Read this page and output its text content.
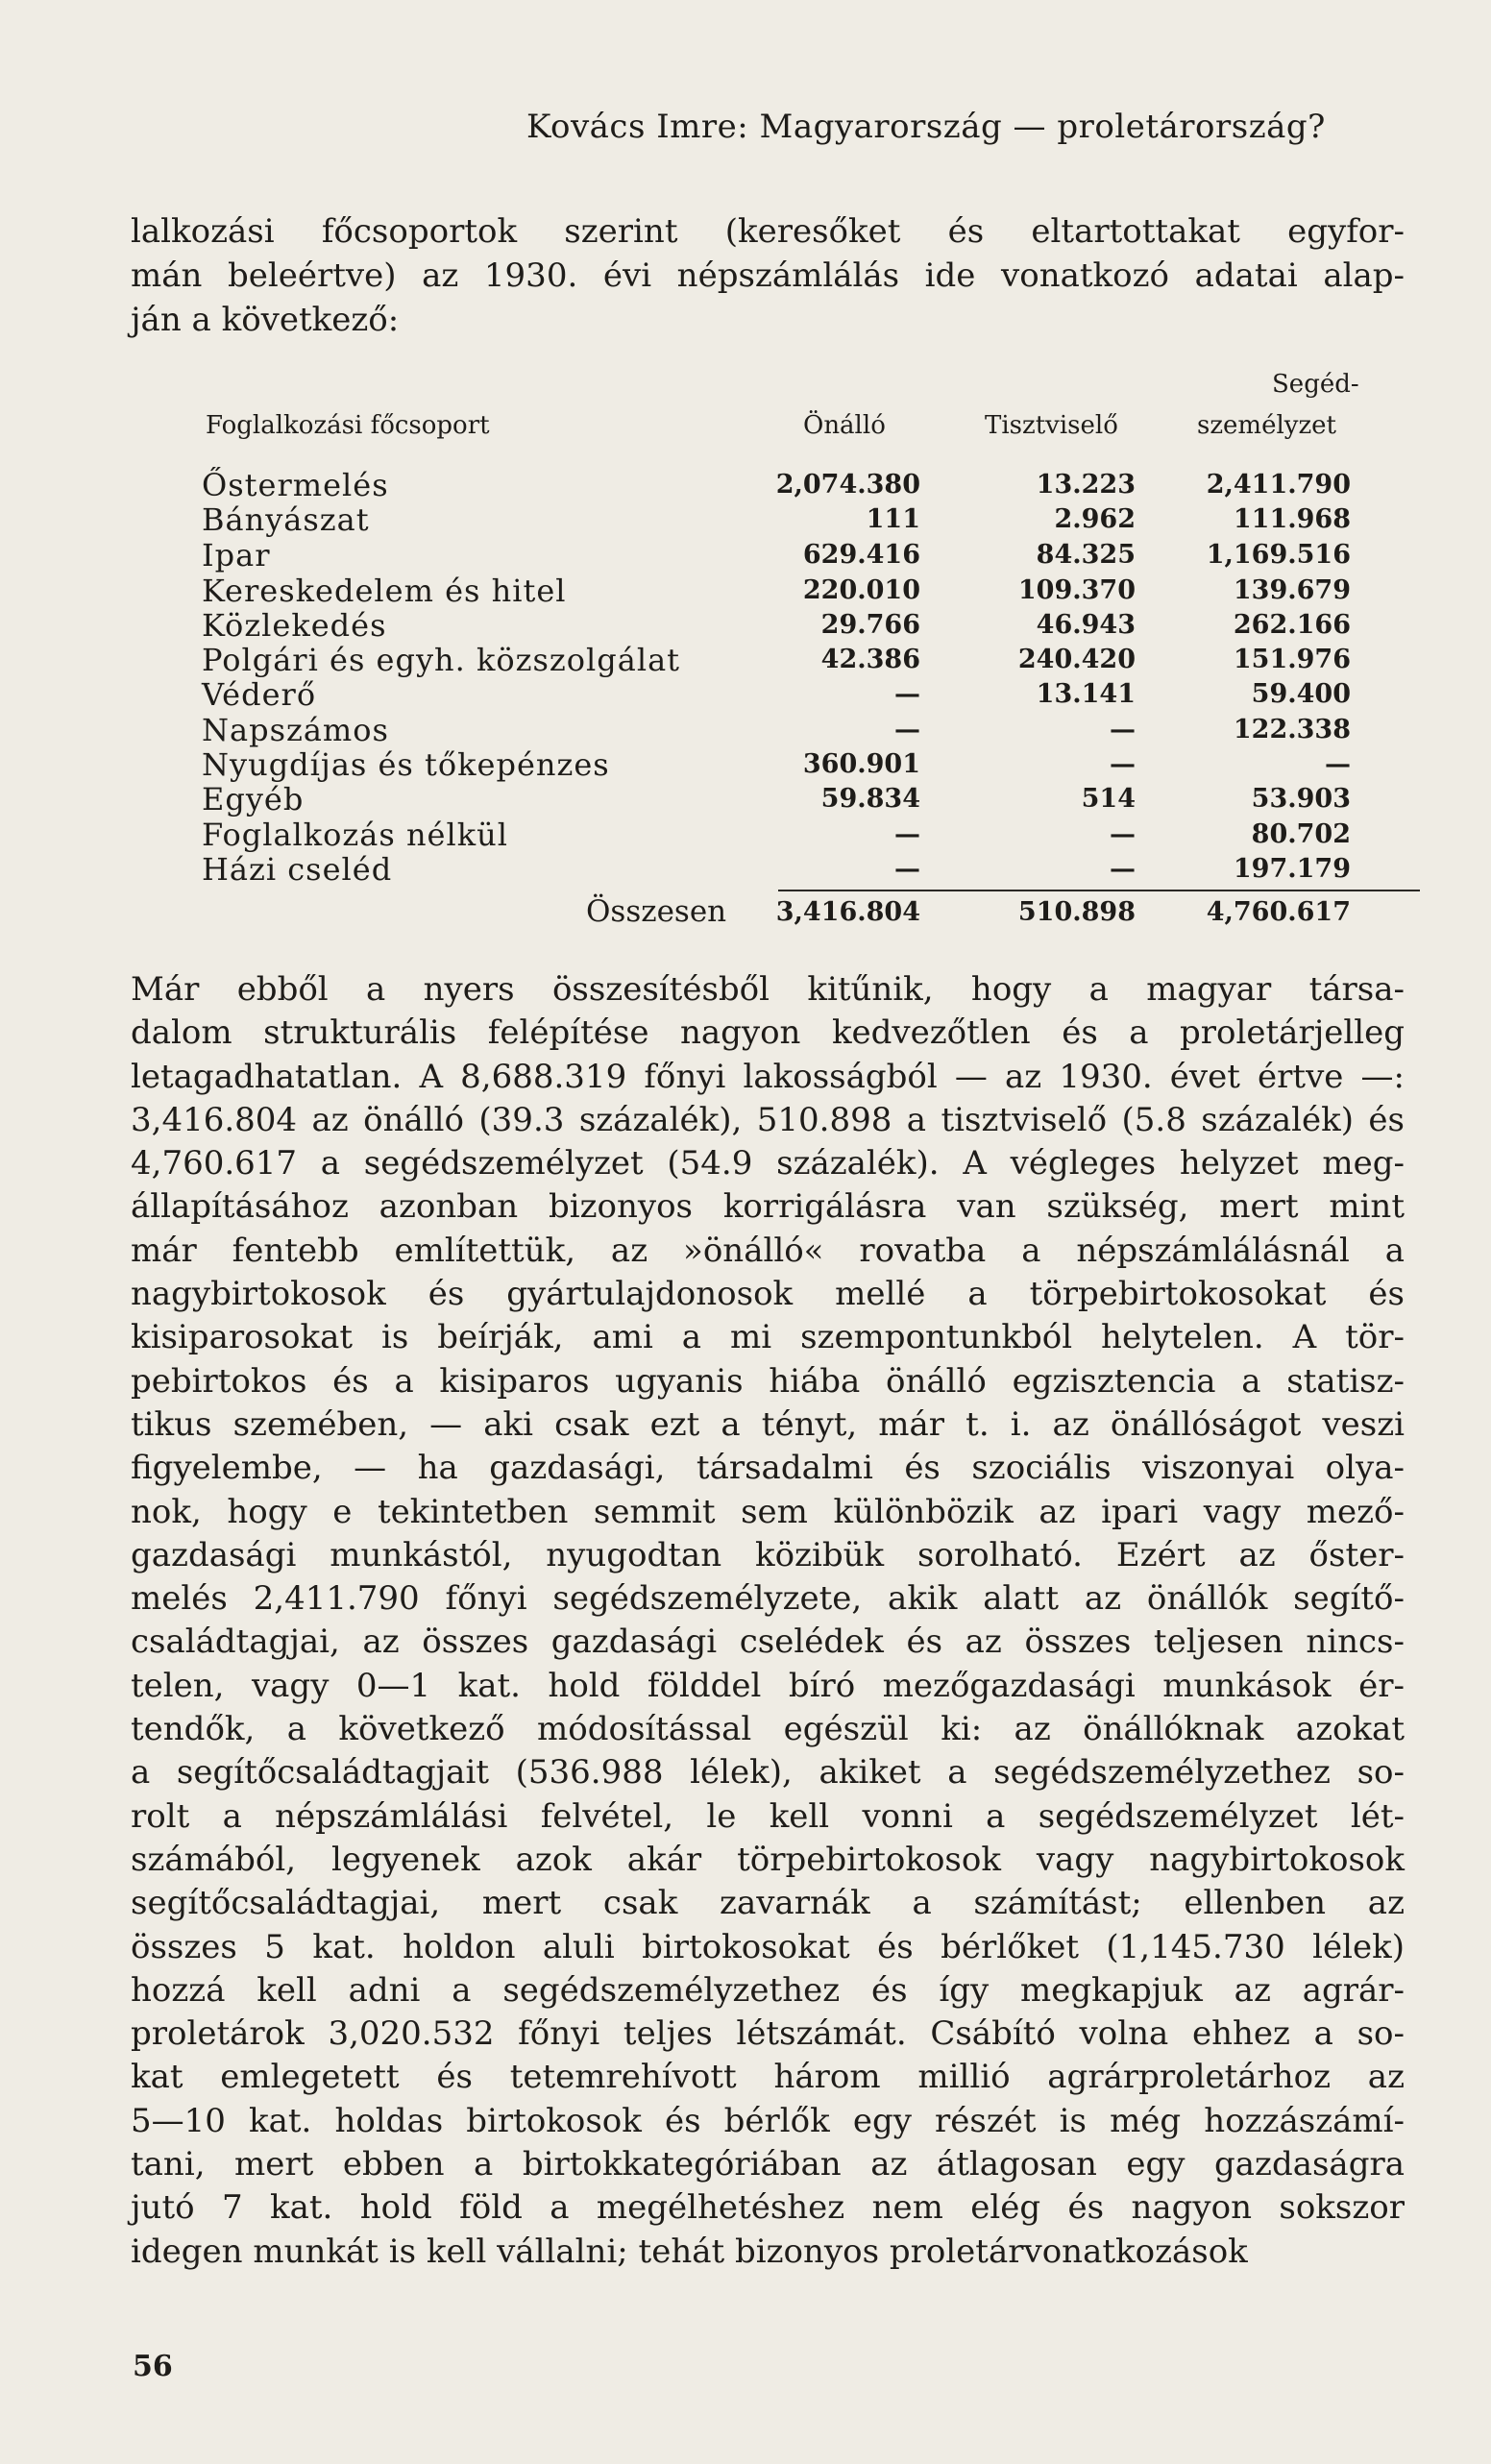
Kovács Imre: Magyarország — proletárország?
lalkozási főcsoportok szerint (keresőket és eltartottakat egyfor-
mán beleértve) az 1930. évi népszámlálás ide vonatkozó adatai alap-
ján a következő:
Foglalkozási főcsoport	Önálló	Tisztviselő
Segéd-
személyzet
Őstermelés	2,074.380	13.223	2,411.790
Bányászat	111	2.962	111.968
Ipar	629.416	84.325	1,169.516
Kereskedelem és hitel	220.010	109.370	139.679
Közlekedés	29.766	46.943	262.166
Polgári és egyh. közszolgálat	42.386	240.420	151.976
Véderő	—	13.141	59.400
Napszámos	—	—	122.338
Nyugdíjas és tőkepénzes	360.901	—	—
Egyéb	59.834	514	53.903
Foglalkozás nélkül	—	—	80.702
Házi cseléd	—	—	197.179
Összesen	3,416.804	510.898	4,760.617
Már ebből a nyers összesítésből kitűnik, hogy a magyar társa-
dalom strukturális felépítése nagyon kedvezőtlen és a proletárjelleg
letagadhatatlan. A 8,688.319 főnyi lakosságból — az 1930. évet értve —:
3,416.804 az önálló (39.3 százalék), 510.898 a tisztviselő (5.8 százalék) és
4,760.617 a segédszemélyzet (54.9 százalék). A végleges helyzet meg-
állapításához azonban bizonyos korrigálásra van szükség, mert mint
már fentebb említettük, az »önálló« rovatba a népszámlálásnál a
nagybirtokosok és gyártulajdonosok mellé a törpebirtokosokat és
kisiparosokat is beírják, ami a mi szempontunkból helytelen. A tör-
pebirtokos és a kisiparos ugyanis hiába önálló egzisztencia a statisz-
tikus szemében, — aki csak ezt a tényt, már t. i. az önállóságot veszi
figyelembe, — ha gazdasági, társadalmi és szociális viszonyai olya-
nok, hogy e tekintetben semmit sem különbözik az ipari vagy mező-
gazdasági munkástól, nyugodtan közibük sorolható. Ezért az őster-
melés 2,411.790 főnyi segédszemélyzete, akik alatt az önállók segítő-
családtagjai, az összes gazdasági cselédek és az összes teljesen nincs-
telen, vagy 0—1 kat. hold földdel bíró mezőgazdasági munkások ér-
tendők, a következő módosítással egészül ki: az önállóknak azokat
a segítőcsaládtagjait (536.988 lélek), akiket a segédszemélyzethez so-
rolt a népszámlálási felvétel, le kell vonni a segédszemélyzet lét-
számából, legyenek azok akár törpebirtokosok vagy nagybirtokosok
segítőcsaládtagjai, mert csak zavarnák a számítást; ellenben az
összes 5 kat. holdon aluli birtokosokat és bérlőket (1,145.730 lélek)
hozzá kell adni a segédszemélyzethez és így megkapjuk az agrár-
proletárok 3,020.532 főnyi teljes létszámát. Csábító volna ehhez a so-
kat emlegetett és tetemrehívott három millió agrárproletárhoz az
5—10 kat. holdas birtokosok és bérlők egy részét is még hozzászámí-
tani, mert ebben a birtokkategóriában az átlagosan egy gazdaságra
jutó 7 kat. hold föld a megélhetéshez nem elég és nagyon sokszor
idegen munkát is kell vállalni; tehát bizonyos proletárvonatkozások
56
